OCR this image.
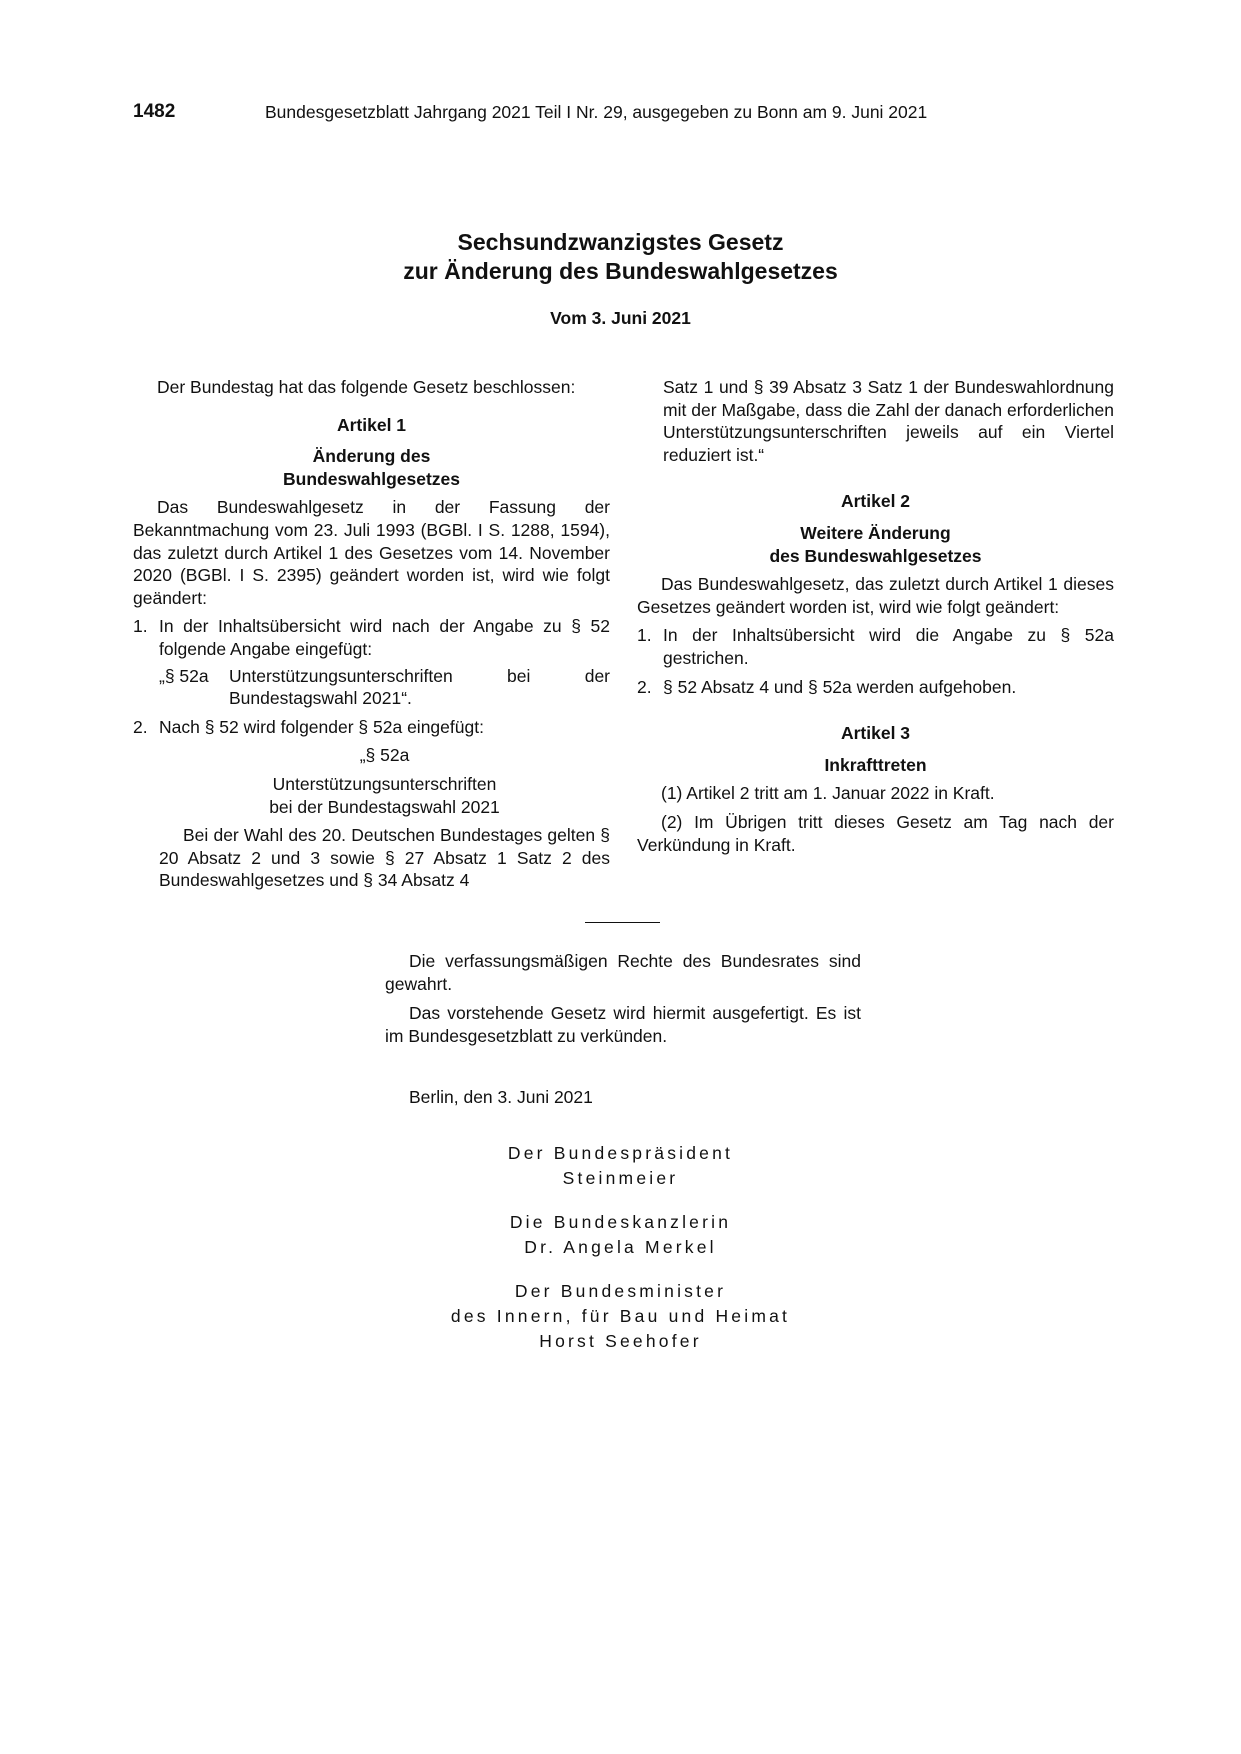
1482	Bundesgesetzblatt Jahrgang 2021 Teil I Nr. 29, ausgegeben zu Bonn am 9. Juni 2021
Sechsundzwanzigstes Gesetz
zur Änderung des Bundeswahlgesetzes
Vom 3. Juni 2021

Der Bundestag hat das folgende Gesetz beschlossen:

Artikel 1

Änderung des

Bundeswahlgesetzes

Das Bundeswahlgesetz in der Fassung der Bekanntmachung vom 23. Juli 1993 (BGBl. I S. 1288, 1594), das zuletzt durch Artikel 1 des Gesetzes vom 14. November 2020 (BGBl. I S. 2395) geändert worden ist, wird wie folgt geändert:

1. In der Inhaltsübersicht wird nach der Angabe zu § 52 folgende Angabe eingefügt:
„§ 52a	Unterstützungsunterschriften bei der Bundestagswahl 2021“.
2. Nach § 52 wird folgender § 52a eingefügt:

„§ 52a

Unterstützungsunterschriften

bei der Bundestagswahl 2021

Bei der Wahl des 20. Deutschen Bundestages gelten § 20 Absatz 2 und 3 sowie § 27 Absatz 1 Satz 2 des Bundeswahlgesetzes und § 34 Absatz 4

Satz 1 und § 39 Absatz 3 Satz 1 der Bundeswahlordnung mit der Maßgabe, dass die Zahl der danach erforderlichen Unterstützungsunterschriften jeweils auf ein Viertel reduziert ist.“

Artikel 2

Weitere Änderung

des Bundeswahlgesetzes

Das Bundeswahlgesetz, das zuletzt durch Artikel 1 dieses Gesetzes geändert worden ist, wird wie folgt geändert:

1. In der Inhaltsübersicht wird die Angabe zu § 52a gestrichen.
2. § 52 Absatz 4 und § 52a werden aufgehoben.

Artikel 3

Inkrafttreten

(1) Artikel 2 tritt am 1. Januar 2022 in Kraft.

(2) Im Übrigen tritt dieses Gesetz am Tag nach der Verkündung in Kraft.

Die verfassungsmäßigen Rechte des Bundesrates sind gewahrt.

Das vorstehende Gesetz wird hiermit ausgefertigt. Es ist im Bundesgesetzblatt zu verkünden.

Berlin, den 3. Juni 2021

Der Bundespräsident
Steinmeier
Die Bundeskanzlerin
Dr. Angela Merkel
Der Bundesminister
des Innern, für Bau und Heimat
Horst Seehofer
